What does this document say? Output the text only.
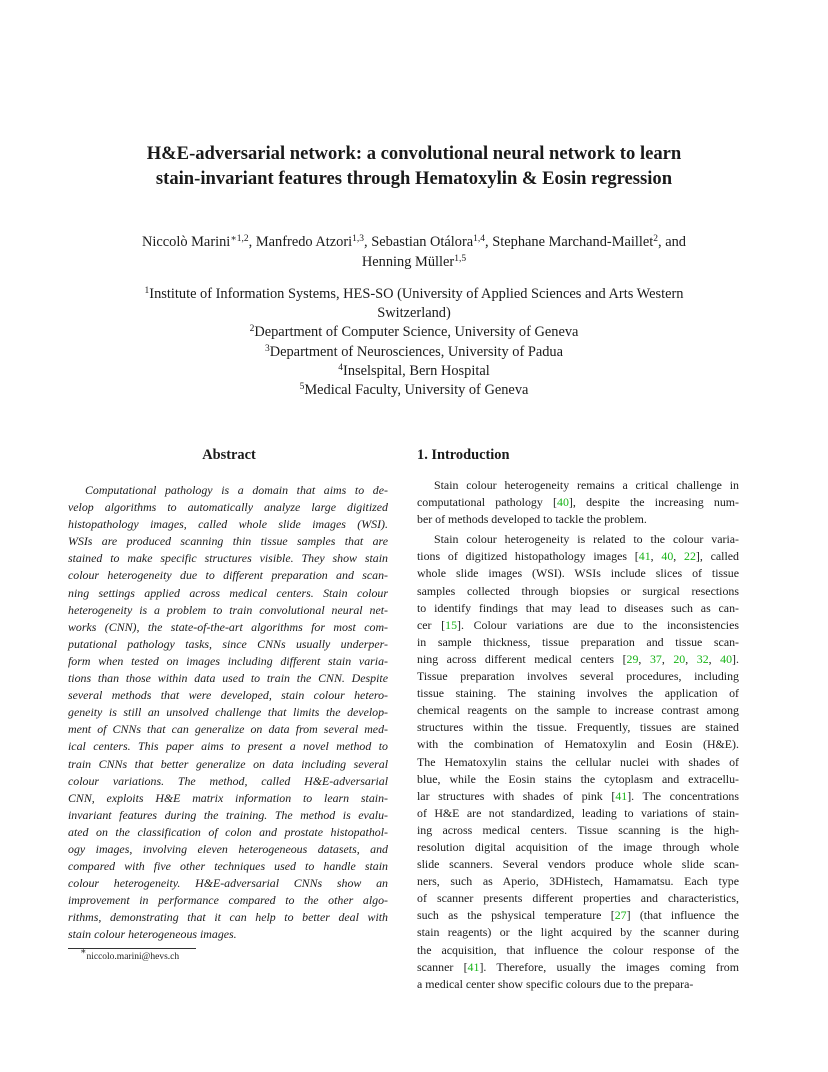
H&E-adversarial network: a convolutional neural network to learn
stain-invariant features through Hematoxylin & Eosin regression
Niccolò Marini$^{∗1,2}$, Manfredo Atzori$^{1,3}$, Sebastian Otálora$^{1,4}$, Stephane Marchand-Maillet$^2$, and
Henning Müller$^{1,5}$
$^1$Institute of Information Systems, HES-SO (University of Applied Sciences and Arts Western
Switzerland)
$^2$Department of Computer Science, University of Geneva
$^3$Department of Neurosciences, University of Padua
$^4$Inselspital, Bern Hospital
$^5$Medical Faculty, University of Geneva
Abstract
Computational pathology is a domain that aims to de-
velop algorithms to automatically analyze large digitized
histopathology images, called whole slide images (WSI).
WSIs are produced scanning thin tissue samples that are
stained to make specific structures visible. They show stain
colour heterogeneity due to different preparation and scan-
ning settings applied across medical centers. Stain colour
heterogeneity is a problem to train convolutional neural net-
works (CNN), the state-of-the-art algorithms for most com-
putational pathology tasks, since CNNs usually underper-
form when tested on images including different stain varia-
tions than those within data used to train the CNN. Despite
several methods that were developed, stain colour hetero-
geneity is still an unsolved challenge that limits the develop-
ment of CNNs that can generalize on data from several med-
ical centers. This paper aims to present a novel method to
train CNNs that better generalize on data including several
colour variations. The method, called H&E-adversarial
CNN, exploits H&E matrix information to learn stain-
invariant features during the training. The method is evalu-
ated on the classification of colon and prostate histopathol-
ogy images, involving eleven heterogeneous datasets, and
compared with five other techniques used to handle stain
colour heterogeneity. H&E-adversarial CNNs show an
improvement in performance compared to the other algo-
rithms, demonstrating that it can help to better deal with
stain colour heterogeneous images.
1. Introduction
Stain colour heterogeneity remains a critical challenge in
computational pathology [40], despite the increasing num-
ber of methods developed to tackle the problem.
Stain colour heterogeneity is related to the colour varia-
tions of digitized histopathology images [41, 40, 22], called
whole slide images (WSI). WSIs include slices of tissue
samples collected through biopsies or surgical resections
to identify findings that may lead to diseases such as can-
cer [15]. Colour variations are due to the inconsistencies
in sample thickness, tissue preparation and tissue scan-
ning across different medical centers [29, 37, 20, 32, 40].
Tissue preparation involves several procedures, including
tissue staining. The staining involves the application of
chemical reagents on the sample to increase contrast among
structures within the tissue. Frequently, tissues are stained
with the combination of Hematoxylin and Eosin (H&E).
The Hematoxylin stains the cellular nuclei with shades of
blue, while the Eosin stains the cytoplasm and extracellu-
lar structures with shades of pink [41]. The concentrations
of H&E are not standardized, leading to variations of stain-
ing across medical centers. Tissue scanning is the high-
resolution digital acquisition of the image through whole
slide scanners. Several vendors produce whole slide scan-
ners, such as Aperio, 3DHistech, Hamamatsu. Each type
of scanner presents different properties and characteristics,
such as the pshysical temperature [27] (that influence the
stain reagents) or the light acquired by the scanner during
the acquisition, that influence the colour response of the
scanner [41]. Therefore, usually the images coming from
a medical center show specific colours due to the prepara-
∗niccolo.marini@hevs.ch
